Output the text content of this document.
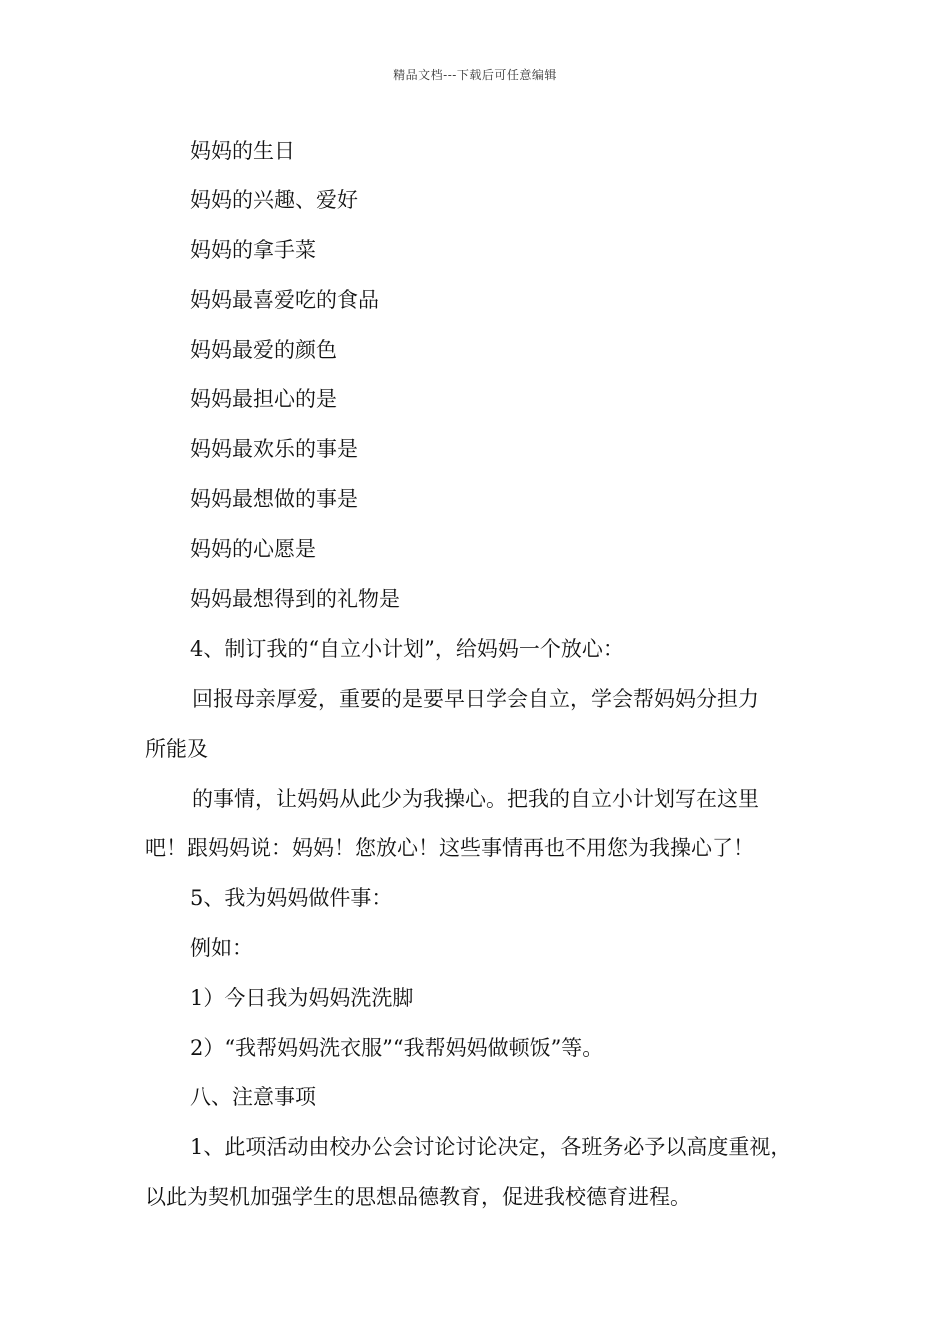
精品文档---下载后可任意编辑
妈妈的生日
妈妈的兴趣、爱好
妈妈的拿手菜
妈妈最喜爱吃的食品
妈妈最爱的颜色
妈妈最担心的是
妈妈最欢乐的事是
妈妈最想做的事是
妈妈的心愿是
妈妈最想得到的礼物是
4、制订我的“自立小计划”，给妈妈一个放心：
回报母亲厚爱，重要的是要早日学会自立，学会帮妈妈分担力
所能及
的事情，让妈妈从此少为我操心。把我的自立小计划写在这里
吧！跟妈妈说：妈妈！您放心！这些事情再也不用您为我操心了！
5、我为妈妈做件事：
例如：
1）今日我为妈妈洗洗脚
2）“我帮妈妈洗衣服”“我帮妈妈做顿饭”等。
八、注意事项
1、此项活动由校办公会讨论讨论决定，各班务必予以高度重视，
以此为契机加强学生的思想品德教育，促进我校德育进程。
